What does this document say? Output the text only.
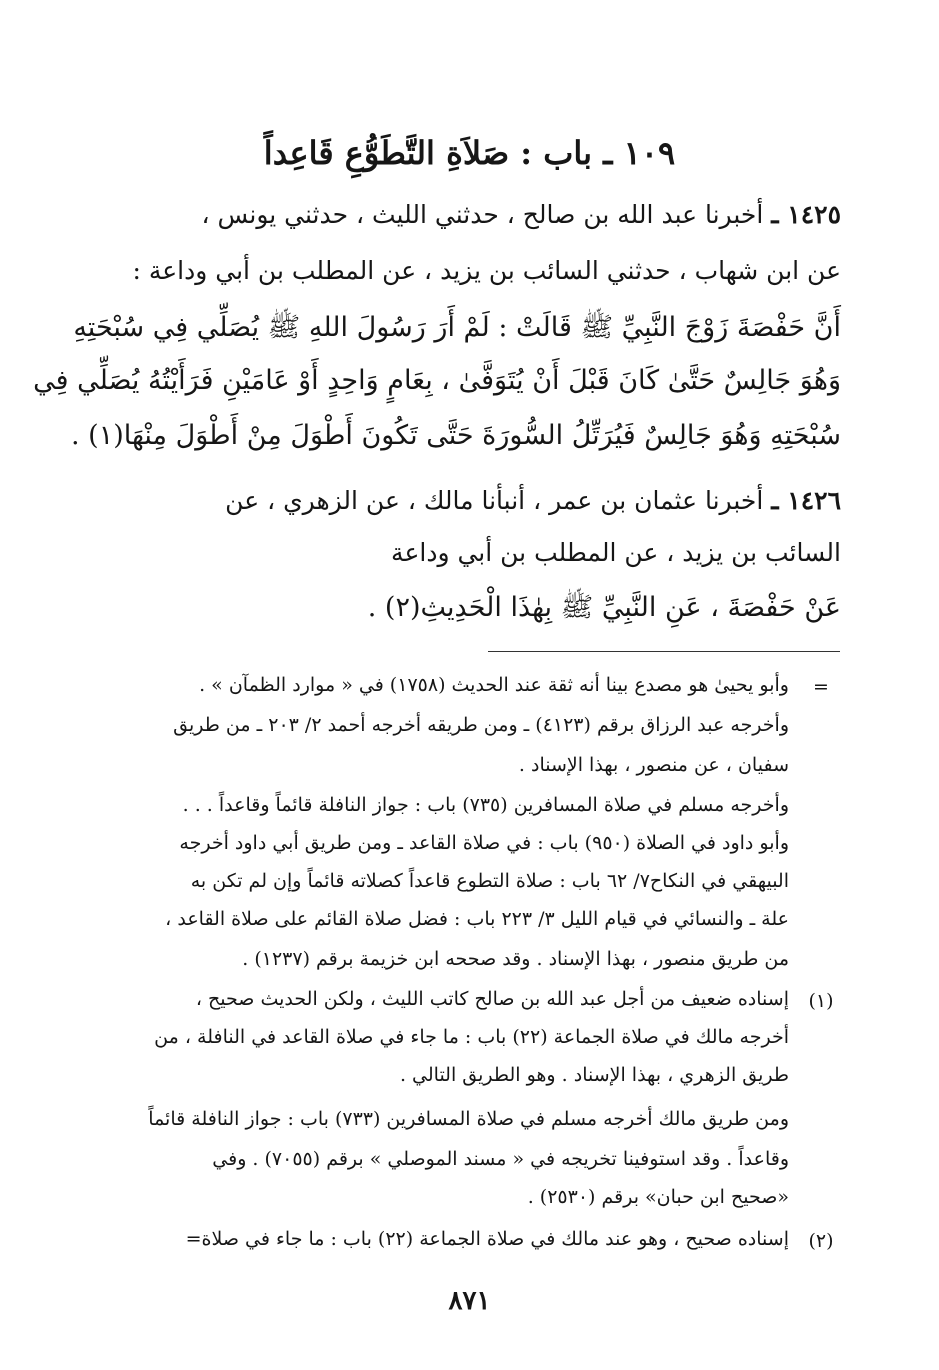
١٠٩ ـ باب : صَلاَةِ التَّطَوُّعِ قَاعِداً
١٤٢٥ ـ أخبرنا عبد الله بن صالح ، حدثني الليث ، حدثني يونس ،
عن ابن شهاب ، حدثني السائب بن يزيد ، عن المطلب بن أبي وداعة :
أَنَّ حَفْصَةَ زَوْجَ النَّبِيِّ ﷺ قَالَتْ : لَمْ أَرَ رَسُولَ اللهِ ﷺ يُصَلِّي فِي سُبْحَتِهِ
وَهُوَ جَالِسٌ حَتَّىٰ كَانَ قَبْلَ أَنْ يُتَوَفَّىٰ ، بِعَامٍ وَاحِدٍ أَوْ عَامَيْنِ فَرَأَيْتُهُ يُصَلِّي فِي
سُبْحَتِهِ وَهُوَ جَالِسٌ فَيُرَتِّلُ السُّورَةَ حَتَّى تَكُونَ أَطْوَلَ مِنْ أَطْوَلَ مِنْهَا(١) .
١٤٢٦ ـ أخبرنا عثمان بن عمر ، أنبأنا مالك ، عن الزهري ، عن
السائب بن يزيد ، عن المطلب بن أبي وداعة
عَنْ حَفْصَةَ ، عَنِ النَّبِيِّ ﷺ بِهٰذَا الْحَدِيثِ(٢) .
=
وأبو يحيىٰ هو مصدع بينا أنه ثقة عند الحديث (١٧٥٨) في « موارد الظمآن » .
وأخرجه عبد الرزاق برقم (٤١٢٣) ـ ومن طريقه أخرجه أحمد ٢/ ٢٠٣ ـ من طريق
سفيان ، عن منصور ، بهذا الإسناد .
وأخرجه مسلم في صلاة المسافرين (٧٣٥) باب : جواز النافلة قائماً وقاعداً . . .
وأبو داود في الصلاة (٩٥٠) باب : في صلاة القاعد ـ ومن طريق أبي داود أخرجه
البيهقي في النكاح٧/ ٦٢ باب : صلاة التطوع قاعداً كصلاته قائماً وإن لم تكن به
علة ـ والنسائي في قيام الليل ٣/ ٢٢٣ باب : فضل صلاة القائم على صلاة القاعد ،
من طريق منصور ، بهذا الإسناد . وقد صححه ابن خزيمة برقم (١٢٣٧) .
(١)
إسناده ضعيف من أجل عبد الله بن صالح كاتب الليث ، ولكن الحديث صحيح ،
أخرجه مالك في صلاة الجماعة (٢٢) باب : ما جاء في صلاة القاعد في النافلة ، من
طريق الزهري ، بهذا الإسناد . وهو الطريق التالي .
ومن طريق مالك أخرجه مسلم في صلاة المسافرين (٧٣٣) باب : جواز النافلة قائماً
وقاعداً . وقد استوفينا تخريجه في « مسند الموصلي » برقم (٧٠٥٥) . وفي
«صحيح ابن حبان» برقم (٢٥٣٠) .
(٢)
إسناده صحيح ، وهو عند مالك في صلاة الجماعة (٢٢) باب : ما جاء في صلاة=
٨٧١
